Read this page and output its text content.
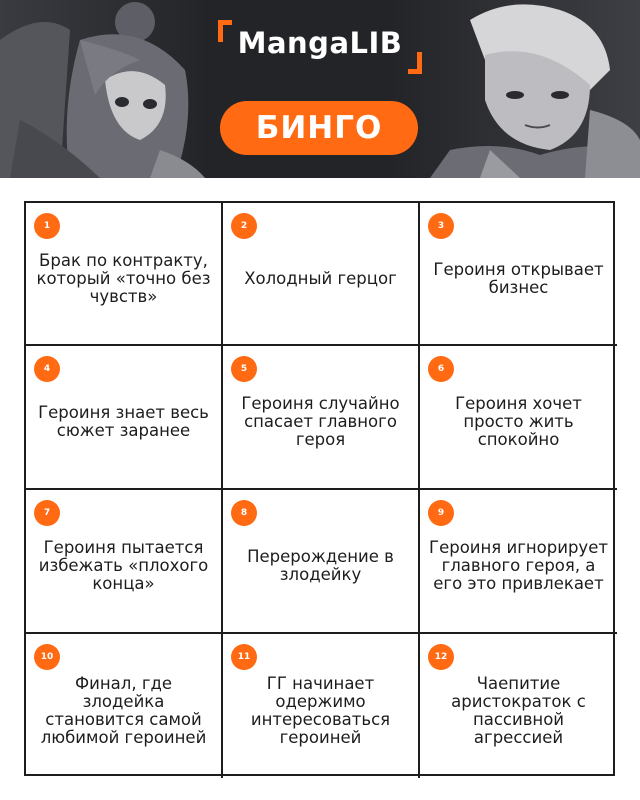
MangaLIB
БИНГО
1
Брак по контракту, который «точно без чувств»
2
Холодный герцог
3
Героиня открывает бизнес
4
Героиня знает весь сюжет заранее
5
Героиня случайно спасает главного героя
6
Героиня хочет просто жить спокойно
7
Героиня пытается избежать «плохого конца»
8
Перерождение в злодейку
9
Героиня игнорирует главного героя, а его это привлекает
10
Финал, где злодейка становится самой любимой героиней
11
ГГ начинает одержимо интересоваться героиней
12
Чаепитие аристократок с пассивной агрессией
